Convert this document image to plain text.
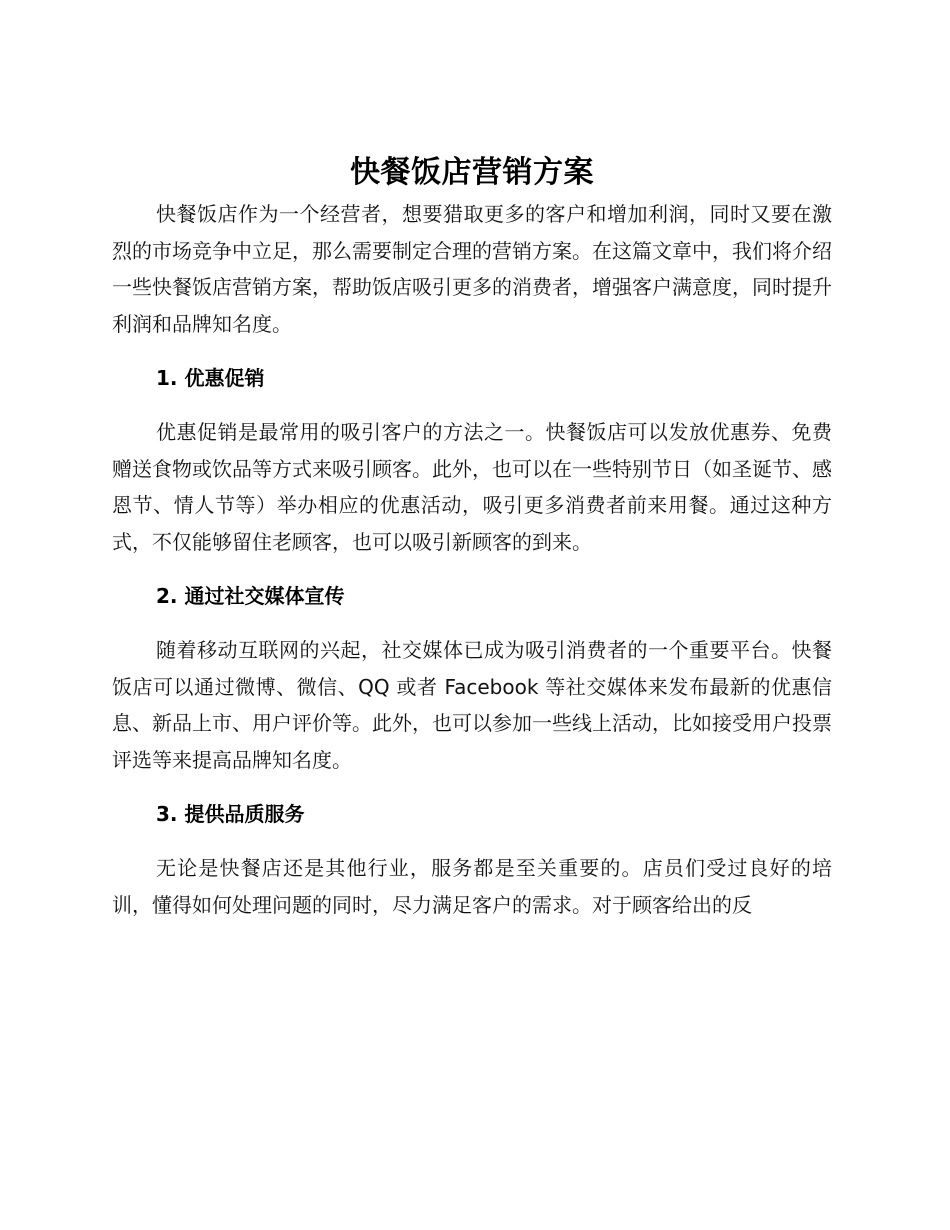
快餐饭店营销方案

快餐饭店作为一个经营者，想要猎取更多的客户和增加利润，同时又要在激烈的市场竞争中立足，那么需要制定合理的营销方案。在这篇文章中，我们将介绍一些快餐饭店营销方案，帮助饭店吸引更多的消费者，增强客户满意度，同时提升利润和品牌知名度。

1. 优惠促销

优惠促销是最常用的吸引客户的方法之一。快餐饭店可以发放优惠券、免费赠送食物或饮品等方式来吸引顾客。此外，也可以在一些特别节日（如圣诞节、感恩节、情人节等）举办相应的优惠活动，吸引更多消费者前来用餐。通过这种方式，不仅能够留住老顾客，也可以吸引新顾客的到来。

2. 通过社交媒体宣传

随着移动互联网的兴起，社交媒体已成为吸引消费者的一个重要平台。快餐饭店可以通过微博、微信、QQ 或者 Facebook 等社交媒体来发布最新的优惠信息、新品上市、用户评价等。此外，也可以参加一些线上活动，比如接受用户投票评选等来提高品牌知名度。

3. 提供品质服务

无论是快餐店还是其他行业，服务都是至关重要的。店员们受过良好的培训，懂得如何处理问题的同时，尽力满足客户的需求。对于顾客给出的反
